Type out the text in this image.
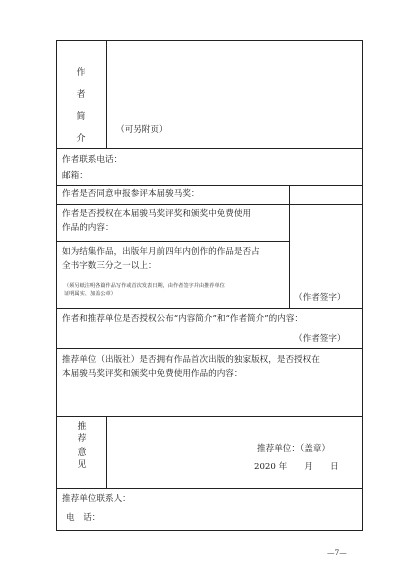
作
者
简
介
（可另附页）
作者联系电话：
邮箱：
作者是否同意申报参评本届骏马奖：
作者是否授权在本届骏马奖评奖和颁奖中免费使用
作品的内容：
如为结集作品，出版年月前四年内创作的作品是否占
全书字数三分之一以上：
（须另纸注明各篇作品写作或首次发表日期，由作者签字并由推荐单位
证明属实、加盖公章）	（作者签字）
作者和推荐单位是否授权公布“内容简介”和“作者简介”的内容：
（作者签字）
推荐单位（出版社）是否拥有作品首次出版的独家版权，是否授权在
本届骏马奖评奖和颁奖中免费使用作品的内容：
推
荐
意
见
推荐单位：（盖章）
2020 年　　月　　日
推荐单位联系人：
电　话：
—7—
